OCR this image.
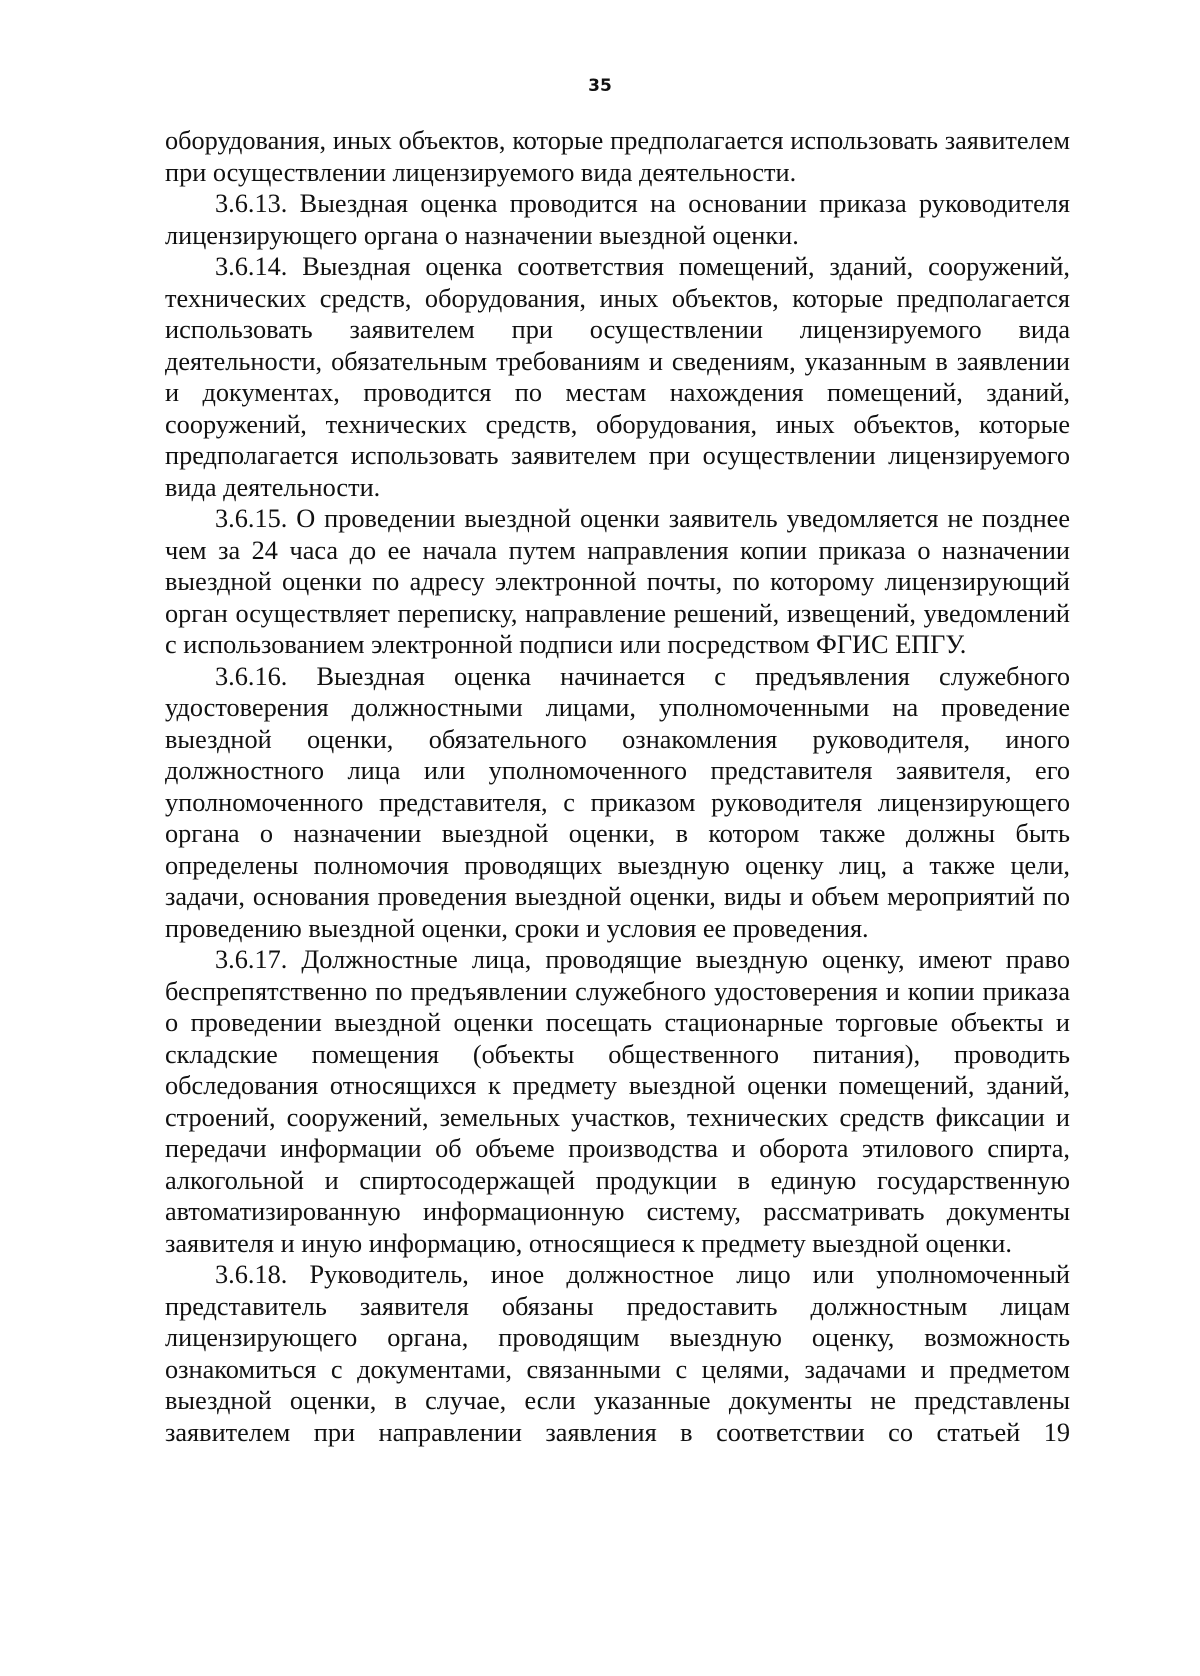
35

оборудования, иных объектов, которые предполагается использовать заявителем при осуществлении лицензируемого вида деятельности.

3.6.13. Выездная оценка проводится на основании приказа руководителя лицензирующего органа о назначении выездной оценки.

3.6.14. Выездная оценка соответствия помещений, зданий, сооружений, технических средств, оборудования, иных объектов, которые предполагается использовать заявителем при осуществлении лицензируемого вида деятельности, обязательным требованиям и сведениям, указанным в заявлении и документах, проводится по местам нахождения помещений, зданий, сооружений, технических средств, оборудования, иных объектов, которые предполагается использовать заявителем при осуществлении лицензируемого вида деятельности.

3.6.15. О проведении выездной оценки заявитель уведомляется не позднее чем за 24 часа до ее начала путем направления копии приказа о назначении выездной оценки по адресу электронной почты, по которому лицензирующий орган осуществляет переписку, направление решений, извещений, уведомлений с использованием электронной подписи или посредством ФГИС ЕПГУ.

3.6.16. Выездная оценка начинается с предъявления служебного удостоверения должностными лицами, уполномоченными на проведение выездной оценки, обязательного ознакомления руководителя, иного должностного лица или уполномоченного представителя заявителя, его уполномоченного представителя, с приказом руководителя лицензирующего органа о назначении выездной оценки, в котором также должны быть определены полномочия проводящих выездную оценку лиц, а также цели, задачи, основания проведения выездной оценки, виды и объем мероприятий по проведению выездной оценки, сроки и условия ее проведения.

3.6.17. Должностные лица, проводящие выездную оценку, имеют право беспрепятственно по предъявлении служебного удостоверения и копии приказа о проведении выездной оценки посещать стационарные торговые объекты и складские помещения (объекты общественного питания), проводить обследования относящихся к предмету выездной оценки помещений, зданий, строений, сооружений, земельных участков, технических средств фиксации и передачи информации об объеме производства и оборота этилового спирта, алкогольной и спиртосодержащей продукции в единую государственную автоматизированную информационную систему, рассматривать документы заявителя и иную информацию, относящиеся к предмету выездной оценки.

3.6.18. Руководитель, иное должностное лицо или уполномоченный представитель заявителя обязаны предоставить должностным лицам лицензирующего органа, проводящим выездную оценку, возможность ознакомиться с документами, связанными с целями, задачами и предметом выездной оценки, в случае, если указанные документы не представлены заявителем при направлении заявления в соответствии со статьей 19
